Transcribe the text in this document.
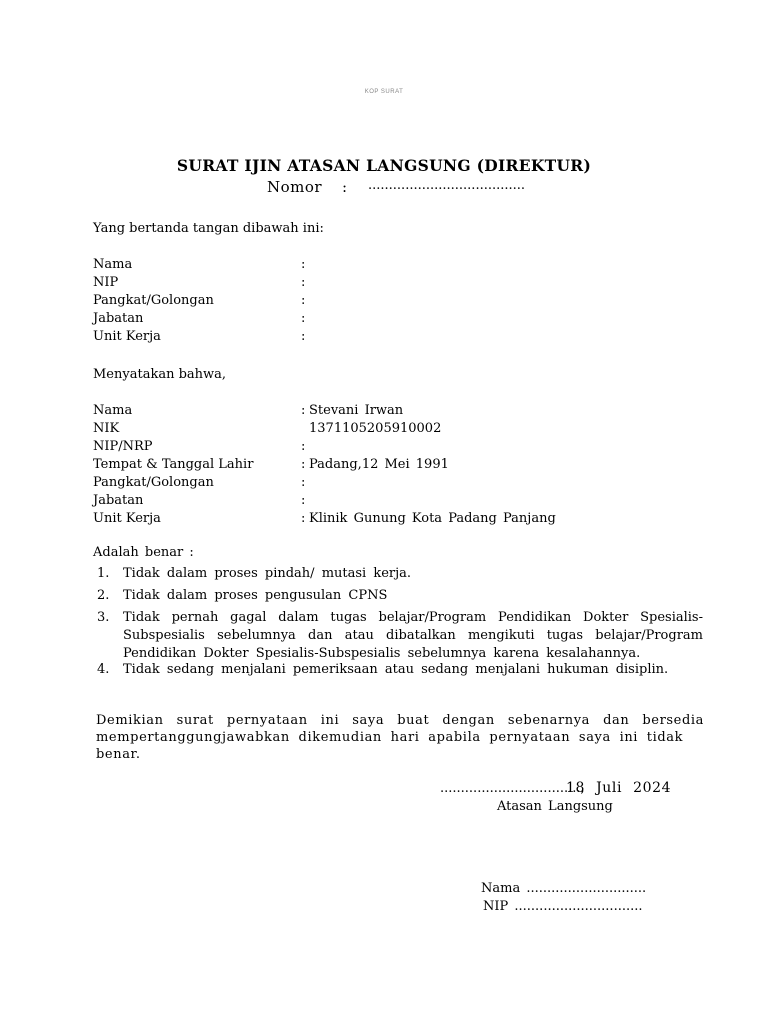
KOP SURAT
SURAT IJIN ATASAN LANGSUNG (DIREKTUR)
Nomor : ......................................
Yang bertanda tangan dibawah ini:
Nama	:
NIP	:
Pangkat/Golongan	:
Jabatan	:
Unit Kerja	:
Menyatakan bahwa,
Nama	: Stevani Irwan
NIK	1371105205910002
NIP/NRP	:
Tempat & Tanggal Lahir	: Padang,12 Mei 1991
Pangkat/Golongan	:
Jabatan	:
Unit Kerja	: Klinik Gunung Kota Padang Panjang
Adalah benar :
1. Tidak dalam proses pindah/ mutasi kerja.
2. Tidak dalam proses pengusulan CPNS
3. Tidak pernah gagal dalam tugas belajar/Program Pendidikan Dokter Spesialis-
Subspesialis sebelumnya dan atau dibatalkan mengikuti tugas belajar/Program
Pendidikan Dokter Spesialis-Subspesialis sebelumnya karena kesalahannya.
4. Tidak sedang menjalani pemeriksaan atau sedang menjalani hukuman disiplin.
Demikian surat pernyataan ini saya buat dengan sebenarnya dan bersedia
mempertanggungjawabkan dikemudian hari apabila pernyataan saya ini tidak benar.
..................................,
18 Juli 2024
Atasan Langsung
Nama .............................
NIP ...............................
